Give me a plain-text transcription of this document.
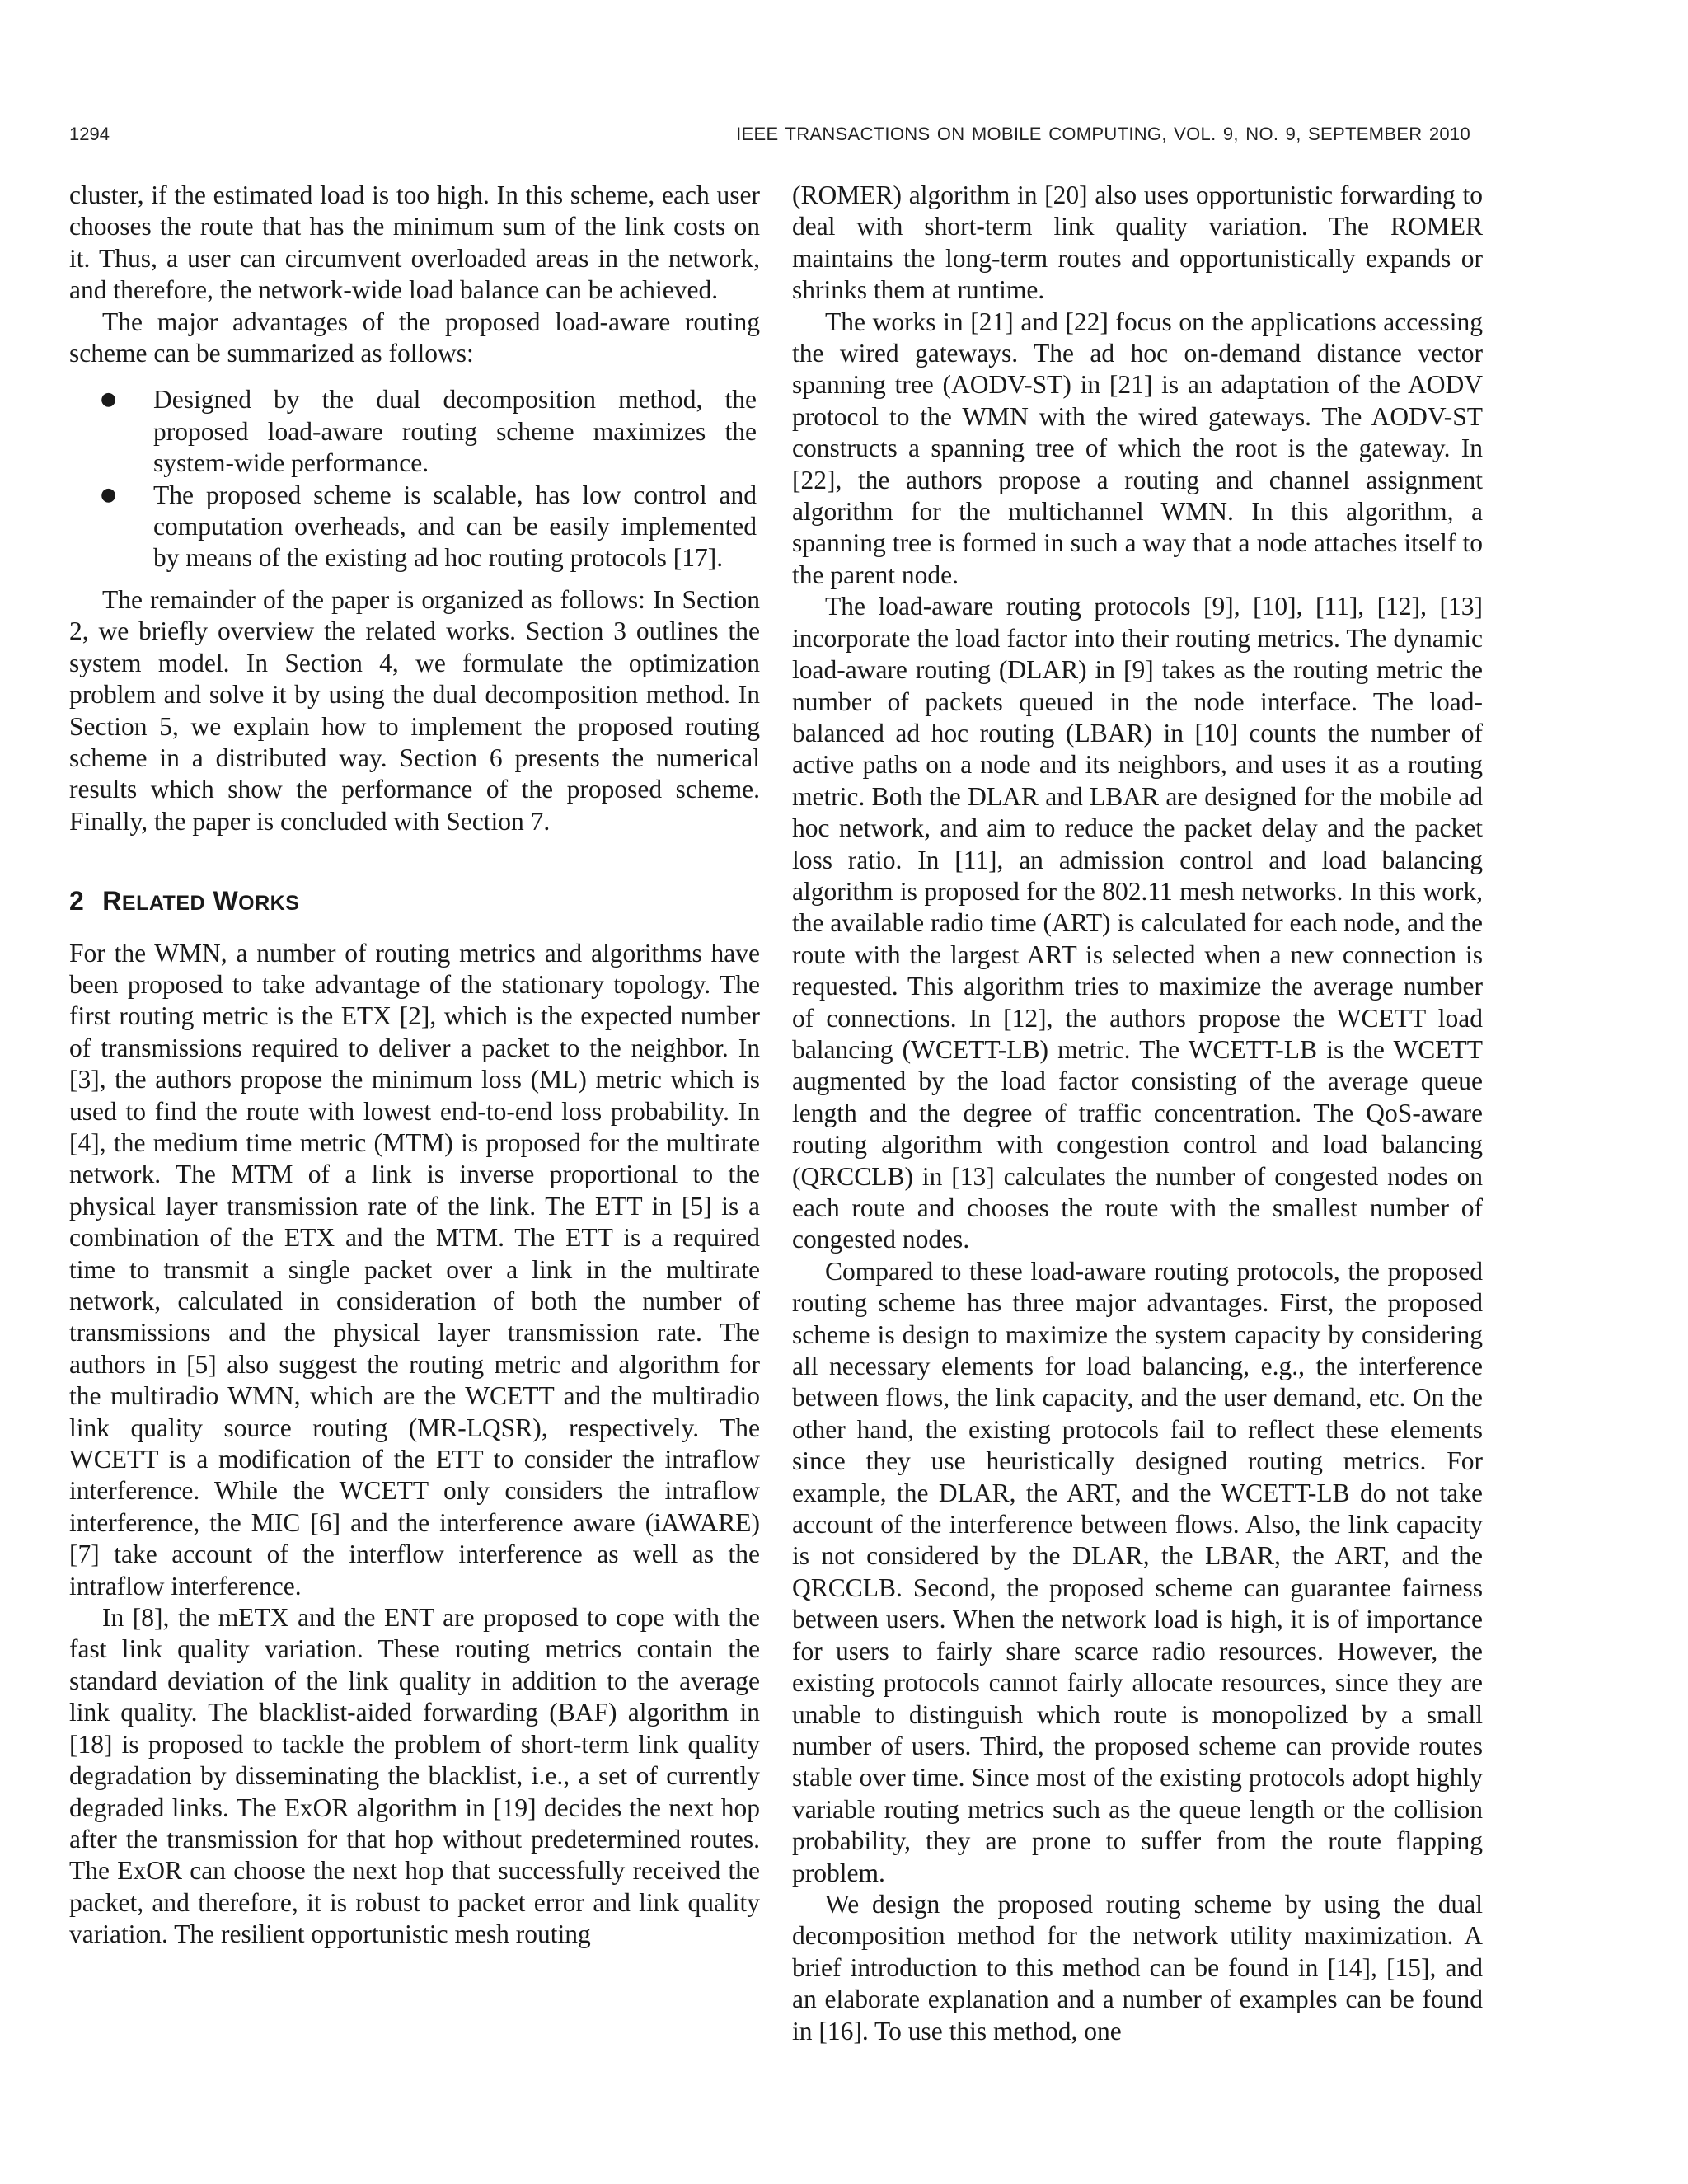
1294	IEEE TRANSACTIONS ON MOBILE COMPUTING, VOL. 9, NO. 9, SEPTEMBER 2010

cluster, if the estimated load is too high. In this scheme, each user chooses the route that has the minimum sum of the link costs on it. Thus, a user can circumvent overloaded areas in the network, and therefore, the network-wide load balance can be achieved.

The major advantages of the proposed load-aware routing scheme can be summarized as follows:

● Designed by the dual decomposition method, the proposed load-aware routing scheme maximizes the system-wide performance.
● The proposed scheme is scalable, has low control and computation overheads, and can be easily implemented by means of the existing ad hoc routing protocols [17].

The remainder of the paper is organized as follows: In Section 2, we briefly overview the related works. Section 3 outlines the system model. In Section 4, we formulate the optimization problem and solve it by using the dual decomposition method. In Section 5, we explain how to implement the proposed routing scheme in a distributed way. Section 6 presents the numerical results which show the performance of the proposed scheme. Finally, the paper is concluded with Section 7.

2 RELATED WORKS

For the WMN, a number of routing metrics and algorithms have been proposed to take advantage of the stationary topology. The first routing metric is the ETX [2], which is the expected number of transmissions required to deliver a packet to the neighbor. In [3], the authors propose the minimum loss (ML) metric which is used to find the route with lowest end-to-end loss probability. In [4], the medium time metric (MTM) is proposed for the multirate network. The MTM of a link is inverse proportional to the physical layer transmission rate of the link. The ETT in [5] is a combination of the ETX and the MTM. The ETT is a required time to transmit a single packet over a link in the multirate network, calculated in consideration of both the number of transmissions and the physical layer transmission rate. The authors in [5] also suggest the routing metric and algorithm for the multiradio WMN, which are the WCETT and the multiradio link quality source routing (MR-LQSR), respectively. The WCETT is a modification of the ETT to consider the intraflow interference. While the WCETT only considers the intraflow interference, the MIC [6] and the interference aware (iAWARE) [7] take account of the interflow interference as well as the intraflow interference.

In [8], the mETX and the ENT are proposed to cope with the fast link quality variation. These routing metrics contain the standard deviation of the link quality in addition to the average link quality. The blacklist-aided forwarding (BAF) algorithm in [18] is proposed to tackle the problem of short-term link quality degradation by disseminating the blacklist, i.e., a set of currently degraded links. The ExOR algorithm in [19] decides the next hop after the transmission for that hop without predetermined routes. The ExOR can choose the next hop that successfully received the packet, and therefore, it is robust to packet error and link quality variation. The resilient opportunistic mesh routing

(ROMER) algorithm in [20] also uses opportunistic forwarding to deal with short-term link quality variation. The ROMER maintains the long-term routes and opportunistically expands or shrinks them at runtime.

The works in [21] and [22] focus on the applications accessing the wired gateways. The ad hoc on-demand distance vector spanning tree (AODV-ST) in [21] is an adaptation of the AODV protocol to the WMN with the wired gateways. The AODV-ST constructs a spanning tree of which the root is the gateway. In [22], the authors propose a routing and channel assignment algorithm for the multichannel WMN. In this algorithm, a spanning tree is formed in such a way that a node attaches itself to the parent node.

The load-aware routing protocols [9], [10], [11], [12], [13] incorporate the load factor into their routing metrics. The dynamic load-aware routing (DLAR) in [9] takes as the routing metric the number of packets queued in the node interface. The load-balanced ad hoc routing (LBAR) in [10] counts the number of active paths on a node and its neighbors, and uses it as a routing metric. Both the DLAR and LBAR are designed for the mobile ad hoc network, and aim to reduce the packet delay and the packet loss ratio. In [11], an admission control and load balancing algorithm is proposed for the 802.11 mesh networks. In this work, the available radio time (ART) is calculated for each node, and the route with the largest ART is selected when a new connection is requested. This algorithm tries to maximize the average number of connections. In [12], the authors propose the WCETT load balancing (WCETT-LB) metric. The WCETT-LB is the WCETT augmented by the load factor consisting of the average queue length and the degree of traffic concentration. The QoS-aware routing algorithm with congestion control and load balancing (QRCCLB) in [13] calculates the number of congested nodes on each route and chooses the route with the smallest number of congested nodes.

Compared to these load-aware routing protocols, the proposed routing scheme has three major advantages. First, the proposed scheme is design to maximize the system capacity by considering all necessary elements for load balancing, e.g., the interference between flows, the link capacity, and the user demand, etc. On the other hand, the existing protocols fail to reflect these elements since they use heuristically designed routing metrics. For example, the DLAR, the ART, and the WCETT-LB do not take account of the interference between flows. Also, the link capacity is not considered by the DLAR, the LBAR, the ART, and the QRCCLB. Second, the proposed scheme can guarantee fairness between users. When the network load is high, it is of importance for users to fairly share scarce radio resources. However, the existing protocols cannot fairly allocate resources, since they are unable to distinguish which route is monopolized by a small number of users. Third, the proposed scheme can provide routes stable over time. Since most of the existing protocols adopt highly variable routing metrics such as the queue length or the collision probability, they are prone to suffer from the route flapping problem.

We design the proposed routing scheme by using the dual decomposition method for the network utility maximization. A brief introduction to this method can be found in [14], [15], and an elaborate explanation and a number of examples can be found in [16]. To use this method, one
